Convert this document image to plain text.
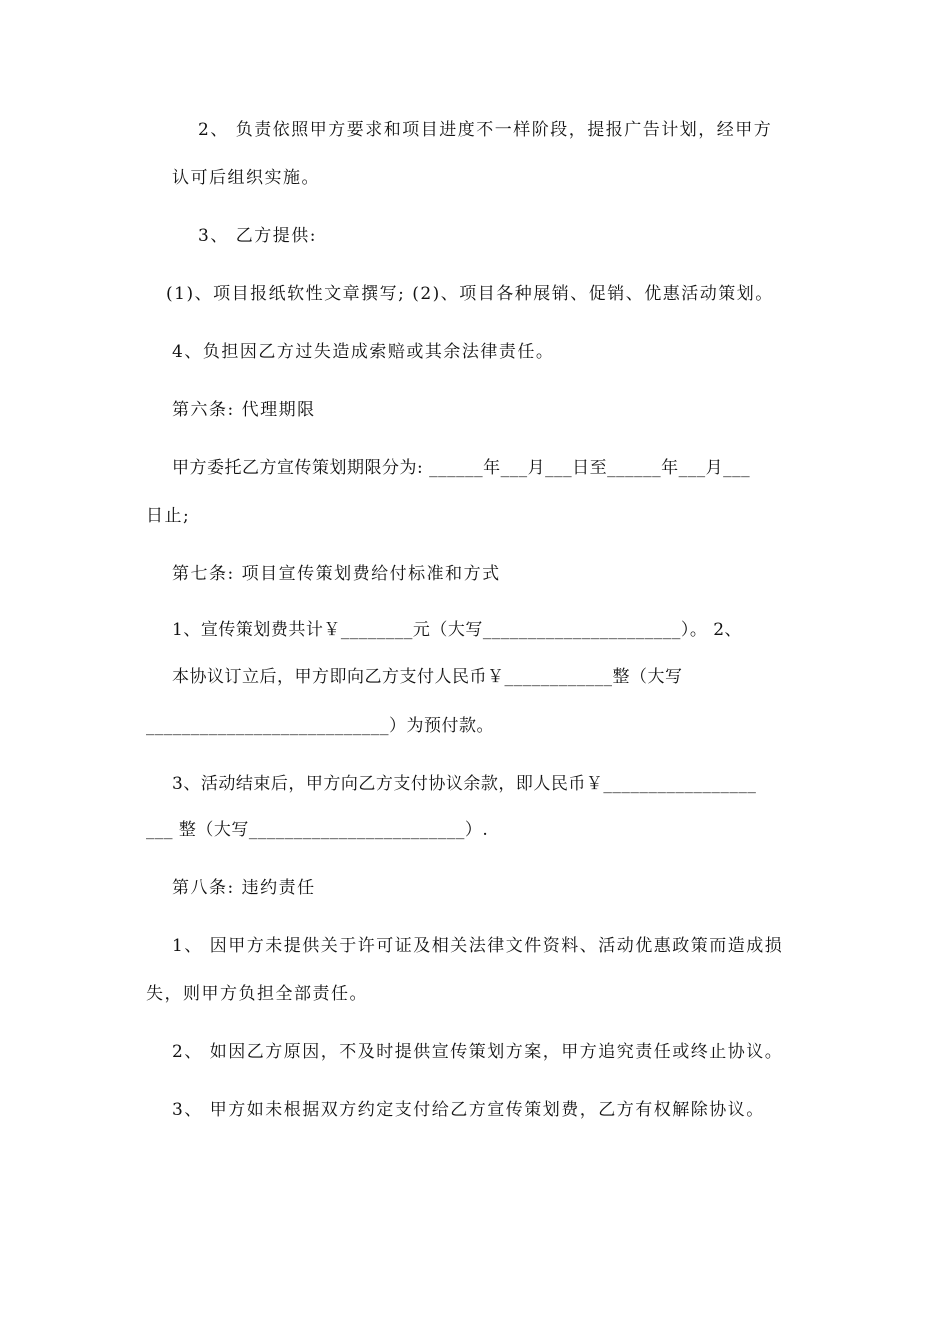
2、 负责依照甲方要求和项目进度不一样阶段，提报广告计划，经甲方
认可后组织实施。
3、 乙方提供:
(1)、项目报纸软性文章撰写; (2)、项目各种展销、促销、优惠活动策划。
4、负担因乙方过失造成索赔或其余法律责任。
第六条: 代理期限
甲方委托乙方宣传策划期限分为: ______年___月___日至______年___月___
日止;
第七条: 项目宣传策划费给付标准和方式
1、宣传策划费共计￥________元（大写______________________）。 2、
本协议订立后，甲方即向乙方支付人民币￥____________整（大写
___________________________）为预付款。
3、活动结束后，甲方向乙方支付协议余款，即人民币￥_________________
___ 整（大写________________________）.
第八条: 违约责任
1、 因甲方未提供关于许可证及相关法律文件资料、活动优惠政策而造成损
失，则甲方负担全部责任。
2、 如因乙方原因，不及时提供宣传策划方案，甲方追究责任或终止协议。
3、 甲方如未根据双方约定支付给乙方宣传策划费，乙方有权解除协议。
